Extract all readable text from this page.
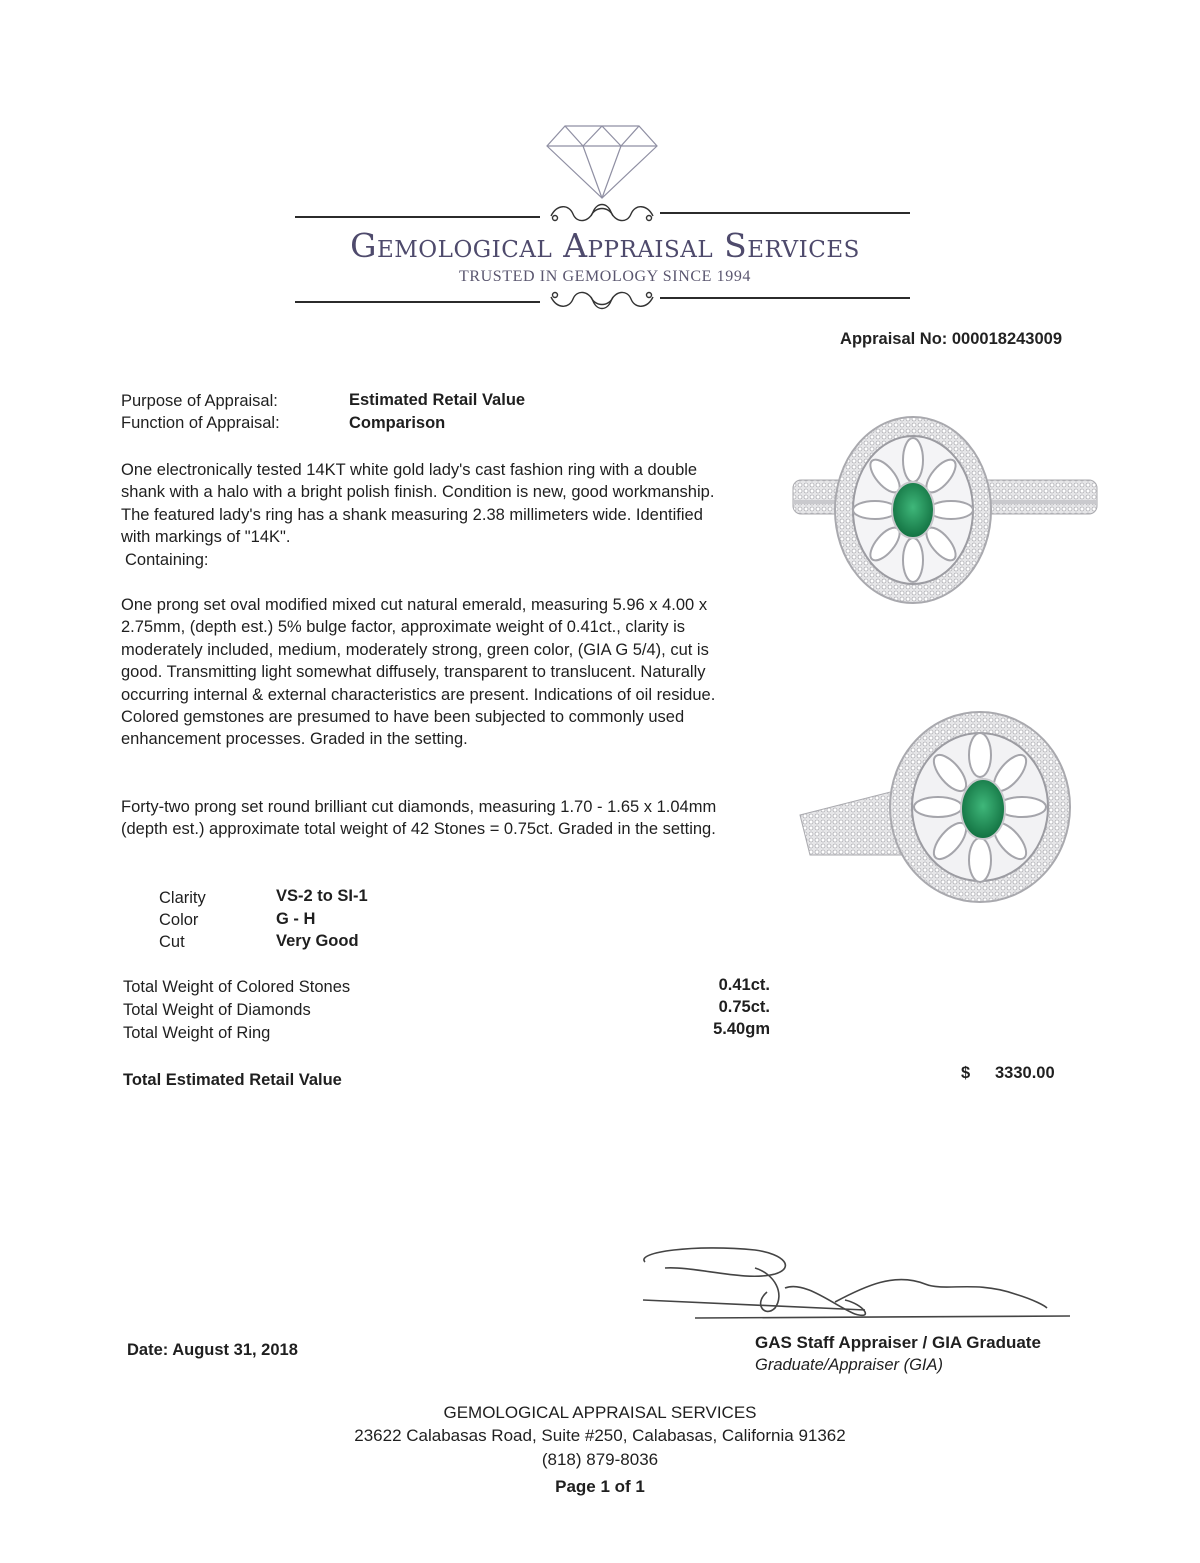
Gemological Appraisal Services
TRUSTED IN GEMOLOGY SINCE 1994
Appraisal No: 000018243009
Purpose of Appraisal:	Estimated Retail Value
Function of Appraisal:	Comparison

One electronically tested 14KT white gold lady's cast fashion ring with a double shank with a halo with a bright polish finish. Condition is new, good workmanship. The featured lady's ring has a shank measuring 2.38 millimeters wide. Identified with markings of "14K".

Containing:

One prong set oval modified mixed cut natural emerald, measuring 5.96 x 4.00 x 2.75mm, (depth est.) 5% bulge factor, approximate weight of 0.41ct., clarity is moderately included, medium, moderately strong, green color, (GIA G 5/4), cut is good. Transmitting light somewhat diffusely, transparent to translucent. Naturally occurring internal & external characteristics are present. Indications of oil residue. Colored gemstones are presumed to have been subjected to commonly used enhancement processes. Graded in the setting.

Forty-two prong set round brilliant cut diamonds, measuring 1.70 - 1.65 x 1.04mm (depth est.) approximate total weight of 42 Stones = 0.75ct. Graded in the setting.

Clarity	VS-2 to SI-1
Color	G - H
Cut	Very Good
Total Weight of Colored Stones	0.41ct.
Total Weight of Diamonds	0.75ct.
Total Weight of Ring	5.40gm
Total Estimated Retail Value	$ 3330.00
Date: August 31, 2018	GAS Staff Appraiser / GIA Graduate
Graduate/Appraiser (GIA)
GEMOLOGICAL APPRAISAL SERVICES
23622 Calabasas Road, Suite #250, Calabasas, California 91362
(818) 879-8036
Page 1 of 1
